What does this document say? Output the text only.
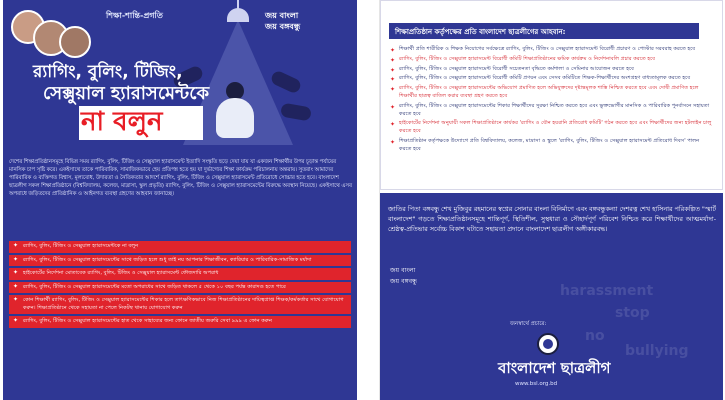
শিক্ষা-শান্তি-প্রগতি	জয় বাংলা
জয় বঙ্গবন্ধু
র‍্যাগিং, বুলিং, টিজিং,
সেক্সুয়াল হ্যারাসমেন্টকে
না বলুন
দেশের শিক্ষাপ্রতিষ্ঠানসমূহে বিভিন্ন সময় র‍্যাগিং, বুলিং, টিজিং ও সেক্সুয়াল হ্যারাসমেন্ট ইত্যাদি সংস্কৃতি ছড়ে দেয়া যায় যা একজন শিক্ষার্থীর উপর চূড়ান্ত পর্যায়ের মানসিক চাপ সৃষ্টি করে। একইসাথে তাকে পারিবারিক, সামাজিকভাবে হেয় প্রতিপন্ন হতে হয় যা দুর্ভাগ্যের শিক্ষা কার্যক্রম পরিচালনায় অন্তরায়। সুতরাং আমাদের পারিবারিক ও ব্যক্তিগত বিশ্বাস, মূল্যবোধ, উদারতা ও নৈতিকতার আদর্শে র‍্যাগিং, বুলিং, টিজিং ও সেক্সুয়াল হ্যারাসমেন্ট প্রতিরোধে সোচ্চার হতে হবে। বাংলাদেশ ছাত্রলীগ সকল শিক্ষাপ্রতিষ্ঠানে (বিশ্ববিদ্যালয়, কলেজ, মাদ্রাসা, স্কুল প্রভৃতি) র‍্যাগিং, বুলিং, টিজিং ও সেক্সুয়াল হ্যারাসমেন্টের বিরুদ্ধে অবস্থান নিয়েছে। একইসাথে এসব অপরাধে জড়িতদের প্রাতিষ্ঠানিক ও আইনগত ব্যবস্থা গ্রহণের আহবান জানাচ্ছে।
✦ র‍্যাগিং, বুলিং, টিজিং ও সেক্সুয়াল হ্যারাসমেন্টকে না বলুন
✦ র‍্যাগিং, বুলিং, টিজিং ও সেক্সুয়াল হ্যারাসমেন্টের সাথে জড়িত হলে শুধু তাই নয় আপনার শিক্ষাজীবন, ক্যারিয়ার ও পারিবারিক-সামাজিক মর্যাদা
✦ হাইকোর্টের নির্দেশনা মোতাবেক র‍্যাগিং, বুলিং, টিজিং ও সেক্সুয়াল হ্যারাসমেন্ট ফৌজদারি অপরাধ
✦ র‍্যাগিং, বুলিং, টিজিং ও সেক্সুয়াল হ্যারাসমেন্টের মতো অপরাধের সাথে জড়িত থাকলে ৫ থেকে ১০ বছর পর্যন্ত কারাদণ্ড হতে পারে
✦ কোন শিক্ষার্থী র‍্যাগিং, বুলিং, টিজিং ও সেক্সুয়াল হ্যারাসমেন্টের শিকার হলে তাৎক্ষণিকভাবে নিজ শিক্ষাপ্রতিষ্ঠানের দায়িত্বপ্রাপ্ত শিক্ষক/কর্মকর্তার সাথে যোগাযোগ করুন। শিক্ষাপ্রতিষ্ঠানে থেকে সহায়তা না পেলে নিকটস্থ থানায় যোগাযোগ করুন
✦ র‍্যাগিং, বুলিং, টিজিং ও সেক্সুয়াল হ্যারাসমেন্টের হাত থেকে সাহায্যের জন্য ফোনে জাতীয় জরুরি সেবা ৯৯৯ এ ফোন করুন
শিক্ষাপ্রতিষ্ঠান কর্তৃপক্ষের প্রতি বাংলাদেশ ছাত্রলীগের আহবান:
✦ শিক্ষার্থী প্রতি শারীরিক ও শিক্ষক নিয়োগের সর্বক্ষেত্রে র‍্যাগিং, বুলিং, টিজিং ও সেক্সুয়াল হ্যারাসমেন্ট বিরোধী প্রচারণ ও পোস্টার সরবরাহ করতে হবে
✦ র‍্যাগিং, বুলিং, টিজিং ও সেক্সুয়াল হ্যারাসমেন্ট বিরোধী কমিটি শিক্ষাপ্রতিষ্ঠানের ক্ষমিক কার্যক্রম ও নির্দেশনাবলি প্রচার করতে হবে
✦ র‍্যাগিং, বুলিং, টিজিং ও সেক্সুয়াল হ্যারাসমেন্ট বিরোধী সচেতনতা বৃদ্ধিতে কর্মশালা ও সেমিনার আয়োজন করতে হবে
✦ র‍্যাগিং, বুলিং, টিজিং ও সেক্সুয়াল হ্যারাসমেন্ট বিরোধী কমিটি প্রণয়ন এবং সেসব কমিটিতে শিক্ষক-শিক্ষার্থীদের অংশগ্রহণ বাধ্যতামূলক করতে হবে
✦ র‍্যাগিং, বুলিং, টিজিং ও সেক্সুয়াল হ্যারাসমেন্টের অভিযোগ প্রমাণিত হলে অভিযুক্তদের দৃষ্টান্তমূলক শাস্তি নিশ্চিত করতে হবে এবং দোষী প্রমাণিত হলে শিক্ষার্থীর ছাত্রত্ব বাতিল করার ব্যবস্থা গ্রহণ করতে হবে
✦ র‍্যাগিং, বুলিং, টিজিং ও সেক্সুয়াল হ্যারাসমেন্টের শিকার শিক্ষার্থীদের সুরক্ষা নিশ্চিত করতে হবে এবং ভুক্তভোগীর মানসিক ও পারিবারিক পুনর্বাসনে সহায়তা করতে হবে
✦ হাইকোর্টের নির্দেশনা অনুযায়ী সকল শিক্ষাপ্রতিষ্ঠানে কার্যকর 'র‍্যাগিং ও যৌন হয়রানি প্রতিরোধ কমিটি' গঠন করতে হবে এবং শিক্ষার্থীদের জন্য হটলাইন চালু করতে হবে
✦ শিক্ষাপ্রতিষ্ঠান কর্তৃপক্ষকে উদ্যোগে প্রতি বিশ্ববিদ্যালয়, কলেজ, মাদ্রাসা ও স্কুলে 'র‍্যাগিং, বুলিং, টিজিং ও সেক্সুয়াল হ্যারাসমেন্ট প্রতিরোধ দিবস' পালন করতে হবে
harassment
stop
no
bullying
জাতির পিতা বঙ্গবন্ধু শেখ মুজিবুর রহমানের স্বপ্নের সোনার বাংলা বিনির্মাণে এবং বঙ্গবন্ধুকন্যা দেশরত্ন শেখ হাসিনার পরিকল্পিত "স্মার্ট বাংলাদেশ" গড়তে শিক্ষাপ্রতিষ্ঠানসমূহে শান্তিপূর্ণ, স্থিতিশীল, সুস্থধারা ও সৌহার্দপূর্ণ পরিবেশ নিশ্চিত করে শিক্ষার্থীদের আত্মমর্যাদা-শ্রেষ্ঠত্ব-প্রতিভার সর্বোচ্চ বিকাশ ঘটাতে সহায়তা প্রদানে বাংলাদেশ ছাত্রলীগ অঙ্গীকারবদ্ধ।
জয় বাংলা
জয় বঙ্গবন্ধু
জনস্বার্থে প্রচারে:
বাংলাদেশ ছাত্রলীগ
www.bsl.org.bd
